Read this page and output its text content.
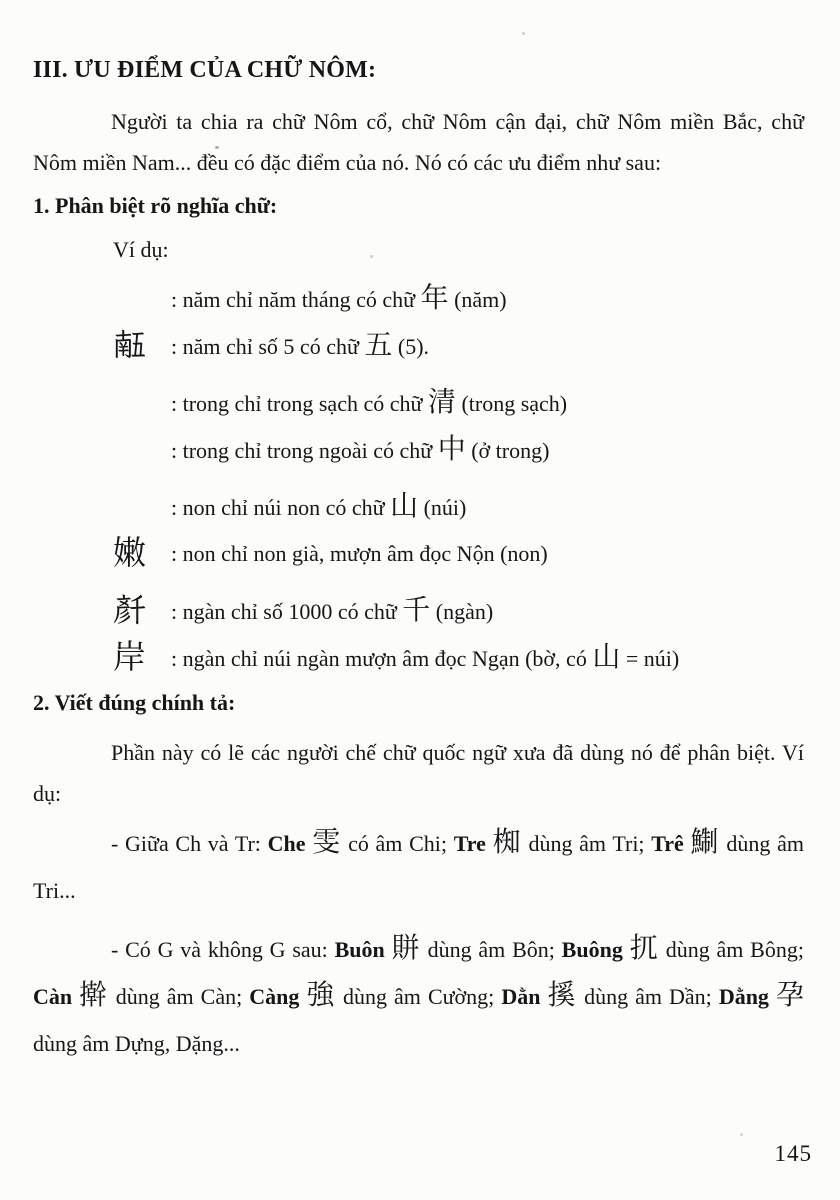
III. ƯU ĐIỂM CỦA CHỮ NÔM:

Người ta chia ra chữ Nôm cổ, chữ Nôm cận đại, chữ Nôm miền Bắc, chữ Nôm miền Nam... đều có đặc điểm của nó. Nó có các ưu điểm như sau:

1. Phân biệt rõ nghĩa chữ:

Ví dụ:

𢆥	: năm chỉ năm tháng có chữ 年 (năm)
𠄼	: năm chỉ số 5 có chữ 五 (5).
𤁘	: trong chỉ trong sạch có chữ 清 (trong sạch)
𥪝	: trong chỉ trong ngoài có chữ 中 (ở trong)
𡽫	: non chỉ núi non có chữ 山 (núi)
嫩	: non chỉ non già, mượn âm đọc Nộn (non)
𠦳	: ngàn chỉ số 1000 có chữ 千 (ngàn)
岸	: ngàn chỉ núi ngàn mượn âm đọc Ngạn (bờ, có 山 = núi)
2. Viết đúng chính tả:

Phần này có lẽ các người chế chữ quốc ngữ xưa đã dùng nó để phân biệt. Ví dụ:

- Giữa Ch và Tr: Che 雯 có âm Chi; Tre 椥 dùng âm Tri; Trê 鯯 dùng âm Tri...

- Có G và không G sau: Buôn 賆 dùng âm Bôn; Buông 扤 dùng âm Bông; Càn 擀 dùng âm Càn; Càng 強 dùng âm Cường; Dằn 㨙 dùng âm Dần; Dằng 孕 dùng âm Dựng, Dặng...

145
